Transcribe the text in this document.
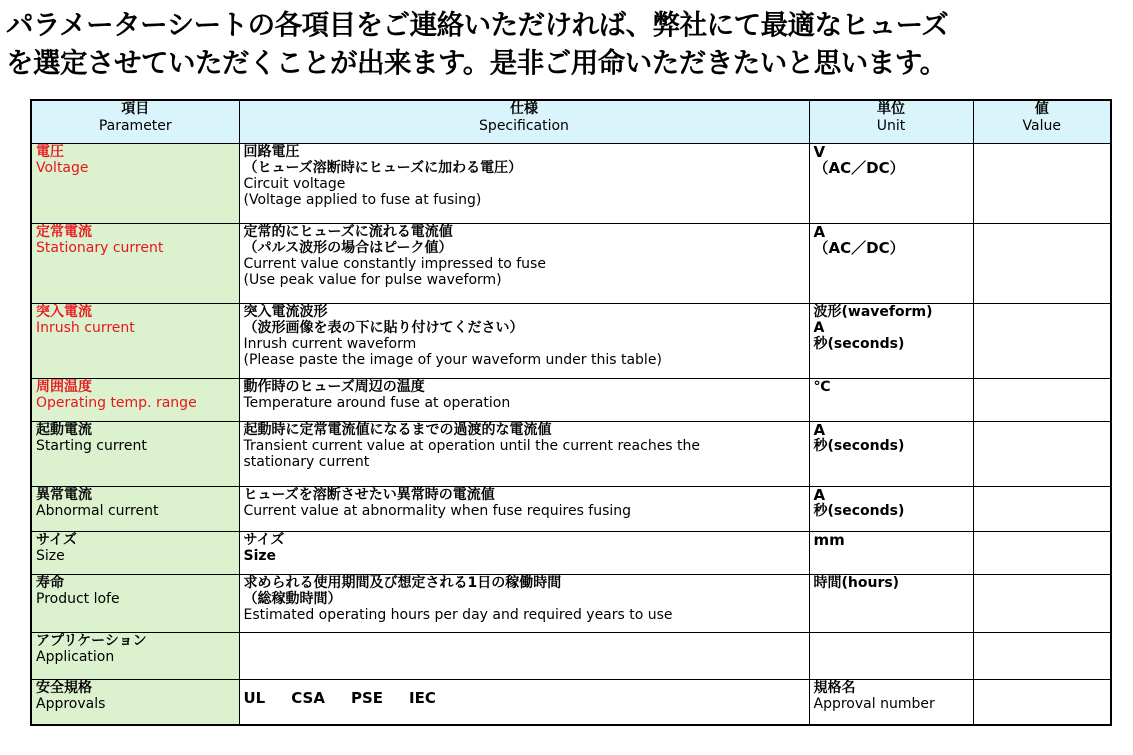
パラメーターシートの各項目をご連絡いただければ、弊社にて最適なヒューズ
を選定させていただくことが出来ます。是非ご用命いただきたいと思います。
項目
Parameter	仕様
Specification	単位
Unit	値
Value

電圧
Voltage	回路電圧
（ヒューズ溶断時にヒューズに加わる電圧）
Circuit voltage
(Voltage applied to fuse at fusing)	V
（AC／DC）	

定常電流
Stationary current	定常的にヒューズに流れる電流値
（パルス波形の場合はピーク値）
Current value constantly impressed to fuse
(Use peak value for pulse waveform)	A
（AC／DC）	

突入電流
Inrush current	突入電流波形
（波形画像を表の下に貼り付けてください）
Inrush current waveform
(Please paste the image of your waveform under this table)	波形(waveform)
A
秒(seconds)	

周囲温度
Operating temp. range	動作時のヒューズ周辺の温度
Temperature around fuse at operation	℃	

起動電流
Starting current	起動時に定常電流値になるまでの過渡的な電流値
Transient current value at operation until the current reaches the
stationary current	A
秒(seconds)	

異常電流
Abnormal current	ヒューズを溶断させたい異常時の電流値
Current value at abnormality when fuse requires fusing	A
秒(seconds)	

サイズ
Size	サイズ
Size	mm	

寿命
Product lofe	求められる使用期間及び想定される1日の稼働時間
（総稼動時間）
Estimated operating hours per day and required years to use	時間(hours)	

アプリケーション
Application			

安全規格
Approvals	UL CSA PSE IEC	規格名
Approval number	
